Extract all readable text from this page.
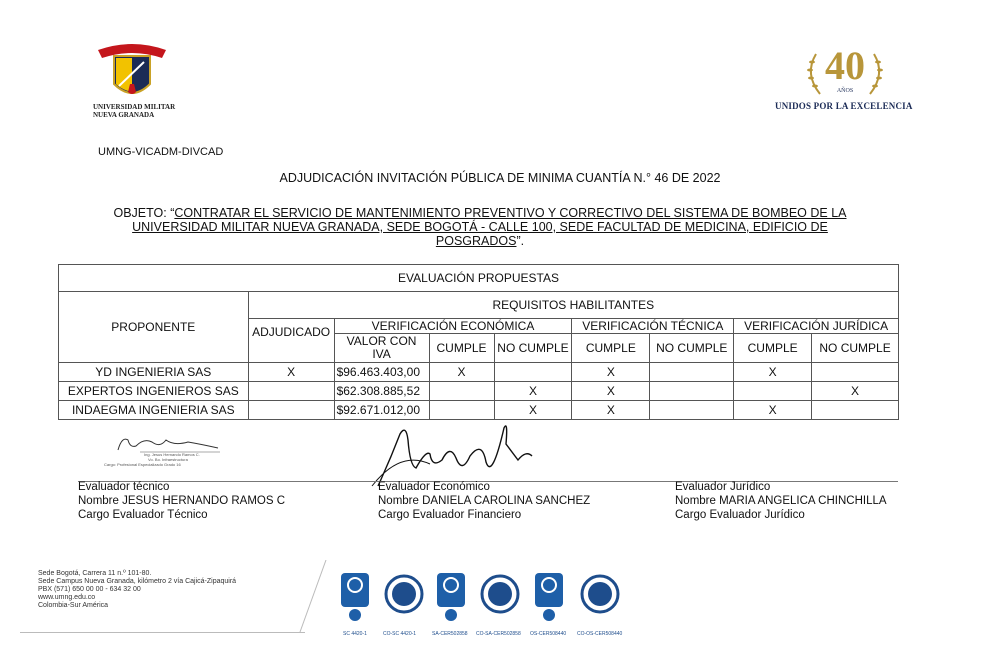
UNIVERSIDAD MILITAR
NUEVA GRANADA
40
AÑOS
UNIDOS POR LA EXCELENCIA
UMNG-VICADM-DIVCAD
ADJUDICACIÓN INVITACIÓN PÚBLICA DE MINIMA CUANTÍA N.° 46 DE 2022
OBJETO: “CONTRATAR EL SERVICIO DE MANTENIMIENTO PREVENTIVO Y CORRECTIVO DEL SISTEMA DE BOMBEO DE LA UNIVERSIDAD MILITAR NUEVA GRANADA, SEDE BOGOTÁ - CALLE 100, SEDE FACULTAD DE MEDICINA, EDIFICIO DE POSGRADOS”.
EVALUACIÓN PROPUESTAS								
PROPONENTE	REQUISITOS HABILITANTES							
	ADJUDICADO	VERIFICACIÓN ECONÓMICA			VERIFICACIÓN TÉCNICA		VERIFICACIÓN JURÍDICA	
		VALOR CON IVA	CUMPLE	NO CUMPLE	CUMPLE	NO CUMPLE	CUMPLE	NO CUMPLE
YD INGENIERIA SAS	X	$96.463.403,00	X		X		X	
EXPERTOS INGENIEROS SAS		$62.308.885,52		X	X			X
INDAEGMA INGENIERIA SAS		$92.671.012,00		X	X		X	
Ing. Jesus Hernando Ramos C.
Vo. Bo. Infraestructura
Cargo: Profesional Especializado Grado 16
Evaluador técnico
Nombre JESUS HERNANDO RAMOS C
Cargo Evaluador Técnico
Evaluador Económico
Nombre DANIELA CAROLINA SANCHEZ
Cargo Evaluador Financiero
Evaluador Jurídico
Nombre MARIA ANGELICA CHINCHILLA
Cargo Evaluador Jurídico
Sede Bogotá, Carrera 11 n.º 101-80.
Sede Campus Nueva Granada, kilómetro 2 vía Cajicá-Zipaquirá
PBX (571) 650 00 00 - 634 32 00
www.umng.edu.co
Colombia-Sur América
SC 4420-1	CO-SC 4420-1	SA-CER502858 CO-SA-CER502858 OS-CER508440 CO-OS-CER508440
